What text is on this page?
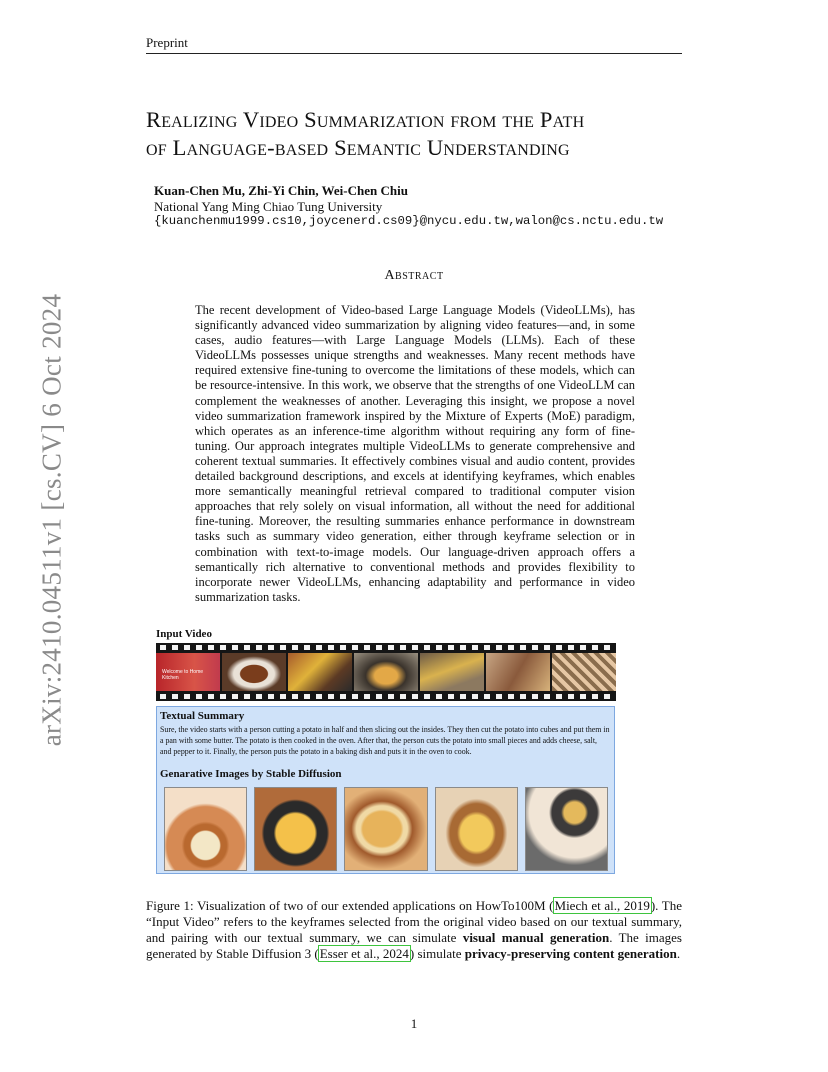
Preprint
Realizing Video Summarization from the Path
of Language-based Semantic Understanding
Kuan-Chen Mu, Zhi-Yi Chin, Wei-Chen Chiu
National Yang Ming Chiao Tung University
{kuanchenmu1999.cs10,joycenerd.cs09}@nycu.edu.tw,walon@cs.nctu.edu.tw
Abstract
The recent development of Video-based Large Language Models (VideoLLMs), has significantly advanced video summarization by aligning video features—and, in some cases, audio features—with Large Language Models (LLMs). Each of these VideoLLMs possesses unique strengths and weaknesses. Many recent methods have required extensive fine-tuning to overcome the limitations of these models, which can be resource-intensive. In this work, we observe that the strengths of one VideoLLM can complement the weaknesses of another. Leveraging this insight, we propose a novel video summarization framework inspired by the Mixture of Experts (MoE) paradigm, which operates as an inference-time algorithm without requiring any form of fine-tuning. Our approach integrates multiple VideoLLMs to generate comprehensive and coherent textual summaries. It effectively combines visual and audio content, provides detailed background descriptions, and excels at identifying keyframes, which enables more semantically meaningful retrieval compared to traditional computer vision approaches that rely solely on visual information, all without the need for additional fine-tuning. Moreover, the resulting summaries enhance performance in downstream tasks such as summary video generation, either through keyframe selection or in combination with text-to-image models. Our language-driven approach offers a semantically rich alternative to conventional methods and provides flexibility to incorporate newer VideoLLMs, enhancing adaptability and performance in video summarization tasks.
arXiv:2410.04511v1 [cs.CV] 6 Oct 2024	Input Video
Welcome to Home Kitchen
Textual Summary
Sure, the video starts with a person cutting a potato in half and then slicing out the insides. They then cut the potato into cubes and put them in a pan with some butter. The potato is then cooked in the oven. After that, the person cuts the potato into small pieces and adds cheese, salt, and pepper to it. Finally, the person puts the potato in a baking dish and puts it in the oven to cook.
Genarative Images by Stable Diffusion
Figure 1: Visualization of two of our extended applications on HowTo100M (Miech et al., 2019). The “Input Video” refers to the keyframes selected from the original video based on our textual summary, and pairing with our textual summary, we can simulate visual manual generation. The images generated by Stable Diffusion 3 (Esser et al., 2024) simulate privacy-preserving content generation.
1
